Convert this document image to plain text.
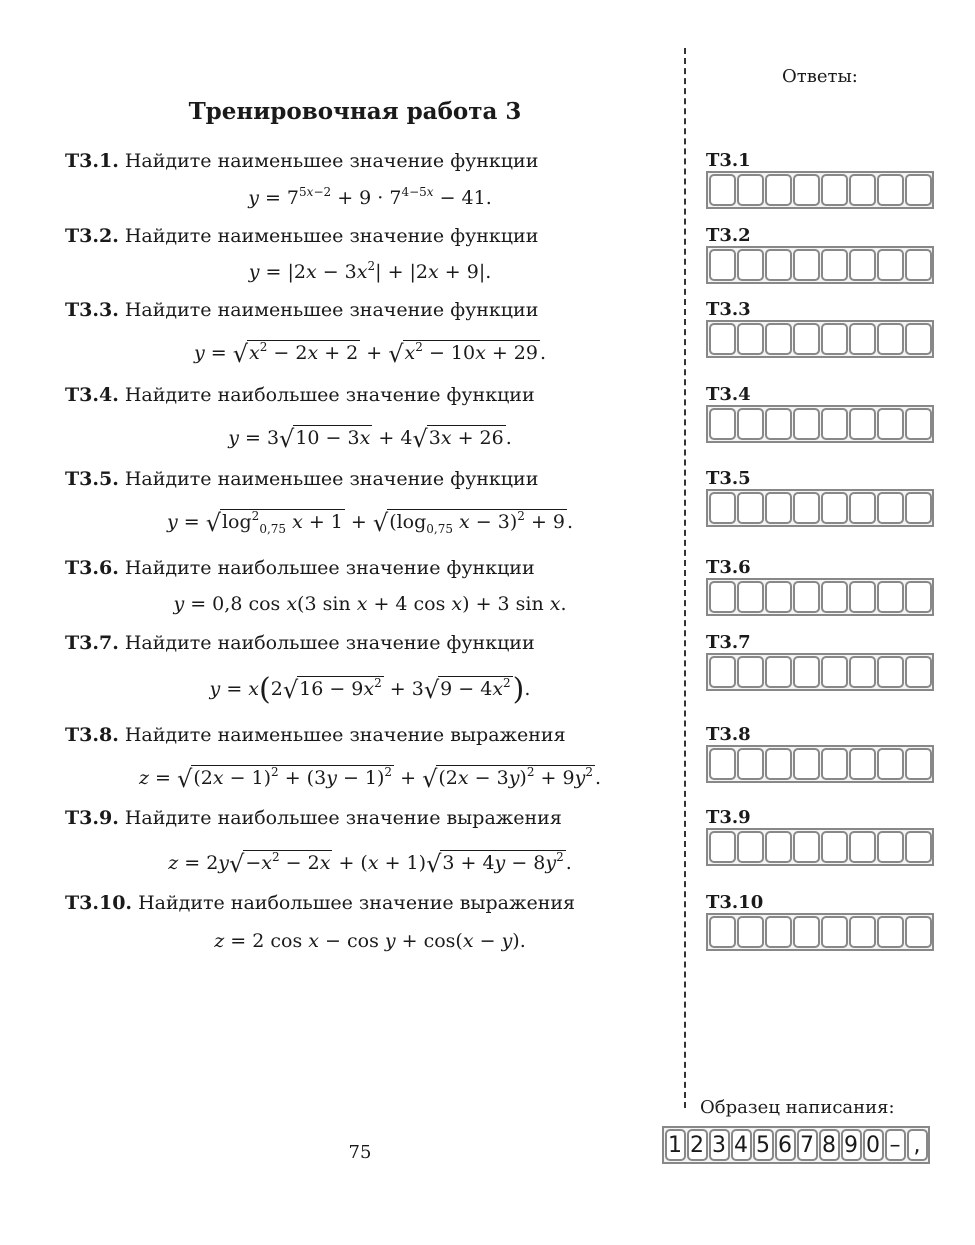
Тренировочная работа 3
Т3.1. Найдите наименьшее значение функции
$y = 7^{5x-2} + 9 \cdot 7^{4-5x} - 41$.
Т3.2. Найдите наименьшее значение функции
$y = |2x - 3x^2| + |2x + 9|$.
Т3.3. Найдите наименьшее значение функции
$y = √x^2 - 2x + 2 + √x^2 - 10x + 29$ .
Т3.4. Найдите наибольшее значение функции
y = 3√10 − 3x + 4√3x + 26 .
Т3.5. Найдите наименьшее значение функции
$y = √\log^2_{0,75}$ $x + 1 + √(\log_{0,75}$ x − 3)$^2$ + 9 .
Т3.6. Найдите наибольшее значение функции
y = 0,8 cos x(3 sin x + 4 cos x) + 3 sin x.
Т3.7. Найдите наибольшее значение функции
$y = x(2√16 - 9x^2 + 3√9 - 4x^2)$.
Т3.8. Найдите наименьшее значение выражения
$z = √(2x - 1)^2 + (3y - 1)^2 + √(2x - 3y)^2 + 9y^2$ .
Т3.9. Найдите наибольшее значение выражения
$z = 2y√-x^2 - 2x + (x + 1)√3 + 4y - 8y^2$ .
Т3.10. Найдите наибольшее значение выражения
z = 2 cos x − cos y + cos(x − y).
Ответы:
Т3.1
Т3.2
Т3.3
Т3.4
Т3.5
Т3.6
Т3.7
Т3.8
Т3.9
Т3.10
Образец написания:
1 2 3 4 5 6 7 8 9 0 – ,
75
